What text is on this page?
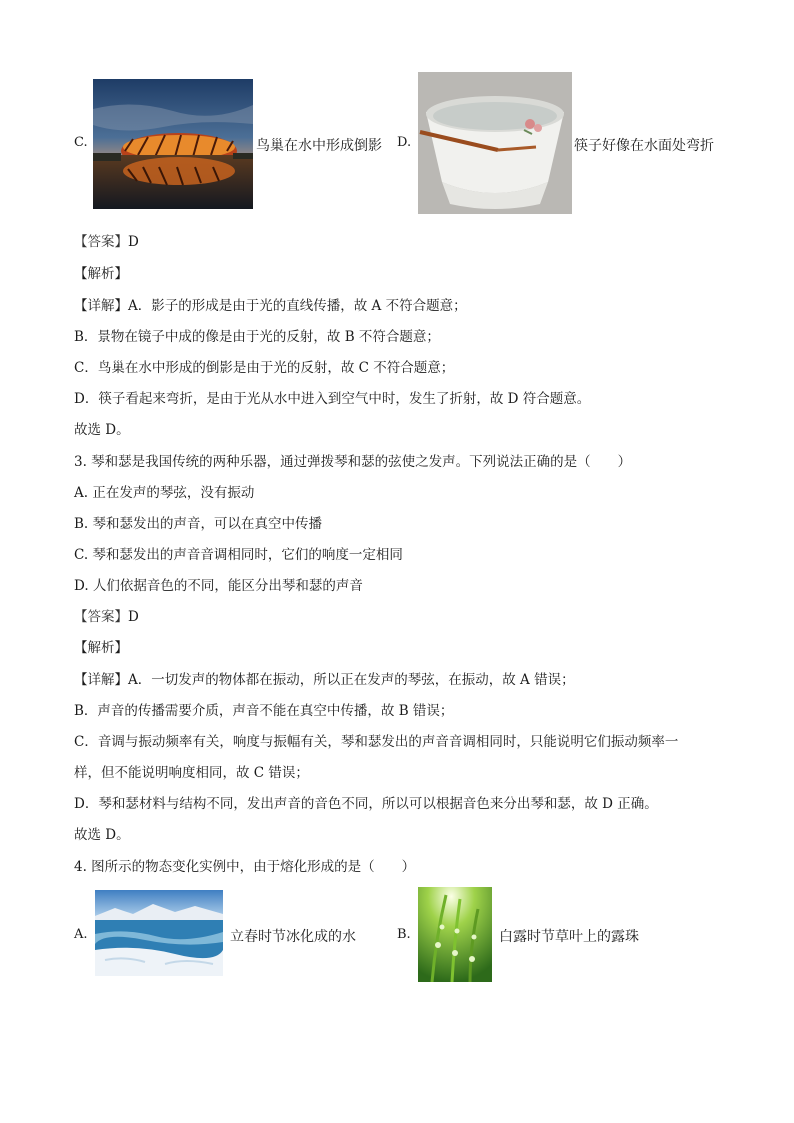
C.	鸟巢在水中形成倒影 D.	筷子好像在水面处弯折
【答案】D
【解析】
【详解】A．影子的形成是由于光的直线传播，故 A 不符合题意；
B．景物在镜子中成的像是由于光的反射，故 B 不符合题意；
C．鸟巢在水中形成的倒影是由于光的反射，故 C 不符合题意；
D．筷子看起来弯折，是由于光从水中进入到空气中时，发生了折射，故 D 符合题意。
故选 D。
3. 琴和瑟是我国传统的两种乐器，通过弹拨琴和瑟的弦使之发声。下列说法正确的是（　　）
A. 正在发声的琴弦，没有振动
B. 琴和瑟发出的声音，可以在真空中传播
C. 琴和瑟发出的声音音调相同时，它们的响度一定相同
D. 人们依据音色的不同，能区分出琴和瑟的声音
【答案】D
【解析】
【详解】A．一切发声的物体都在振动，所以正在发声的琴弦，在振动，故 A 错误；
B．声音的传播需要介质，声音不能在真空中传播，故 B 错误；
C．音调与振动频率有关，响度与振幅有关，琴和瑟发出的声音音调相同时，只能说明它们振动频率一
样，但不能说明响度相同，故 C 错误；
D．琴和瑟材料与结构不同，发出声音的音色不同，所以可以根据音色来分出琴和瑟，故 D 正确。
故选 D。
4. 图所示的物态变化实例中，由于熔化形成的是（　　）
A.	立春时节冰化成的水	B.	白露时节草叶上的露珠
